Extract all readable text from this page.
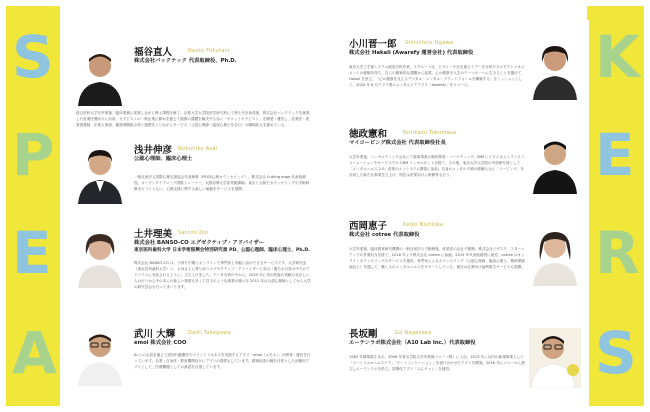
S
P
E
A
福谷直人	Naoto Fukutani
株式会社バックテック 代表取締役、Ph.D.
総合医科大学を卒業後、臨床業務に従事しながら博士課程を修了。京都大学大学院医学研究科にて博士号を取得後、株式会社バックテックを創業した産業医療向けに活用。セラピストの一般企業に勤めを通じて健康の課題を解決する為に「ポケットセラピスト」を開発・運営し、産業医・産業看護師、企業人事部、健康保険組合等と連携をとりながらサービス（公認心理師・臨床心理士を含む）の職域拡大を進めている。
浅井伸彦 Nobuhiko Asai
公認心理師、臨床心理士
一般社団法人国際心理支援協会代表理事（PEGS心理カウンセリング）。株式会社 Cutting edge 代表取締役。オープンダイアローグ国際トレーナー。大阪府堺大学非常勤講師。東京と大阪でカウンセリングや学術研修を行うとともに、心理支援に関する新しい価値をサービスを展開。
土井理美 Satomi Doi
株式会社 BANSO-CO エグゼクティブ・アドバイザー
東京医科歯科大学 日本学術振興会特別研究員 PD、公認心理師、臨床心理士、Ph.D.
株式会社 BANSO-CO は、子育ち中期にオンラインで専門家と気軽に話ができるサービスです。大学研究室（東京医科歯科大学）と、お母さんに寄り添うエグゼクティブ・アドバイザーと気の「過ちが日常の中でのアドバイスに対応されるように」立ち上げました。データ分析の中から、2025 年に英の妊娠の貢献の気がしい人の行いから中の本にの新しい事情も多くて以下のような事業の様々な 2011 年は公認心理師としてから大学の研究学会も行ってまいります。
武川 大輝	Daiki Takegawa
emol 株式会社 COO
AI との会話を通じて認知行動療法やマインドフルネスを実践するアプリ「emol（エモル）」の開発・運営を行っています。企業・自治体・教育機関向けにアプリの提供もしています。精神疾患の職を目的とした治療用アプリとして、医療機器としての承認を目指しています。
K
E
R
S
小川晋一郎 Shinichiro Ogawa
株式会社 Hakali (Awarefy 運営会社) 代表取締役
東京大学工学部システム創成学科卒業。リクルート社、ビズリーチ社を通じてデータ分析やプロダクトマネジメントの経験を持ち、自らの精神的な課題から起業。心の健康を人生のテーマの一つに生きることを掲げて Hakali を設立。「心の健康を支えるデジタル・メンタル・ブラットフォームを構築する」をミッションとして、2020 年 6 月アプリ型のメンタルケアアプリ「Awarefy」をリリース。
徳政憲和	Norikazu Tokumasa
マイコーピング株式会社 代表取締役社長
大学卒業後、コンサルティング会社にて新規事業の制作開発・マーケティング。IBM にてビジネストランスフォーメーションやサービスでの CRM コンサルタントを経て、その後、東京大学大学院の外部研究員として「メンタルヘルス 2.0」産業のエコシステム開発に参加。自身のメンタル不調の経験も元に「コーピング」を活用した新たな事業を立上げ、現在は産業向けに研修等も行う。
西岡恵子	Keiko Nishioka
株式会社 cotree 代表取締役
大学卒業後、臨床教育研究機関の一般社団法人で勤務後、産業医の会社で勤務。株式会社ビザスク、スタートアップの営業担当を経て、2016 年より株式会社 cotree に参画。2019 年代表取締役に就任。cotree はオンラインカウンセリングのサービスを運営。専門家によるカウンセリング（公認心理師、臨床心理士、精神保健福祉士）を通して、働く人のメンタルヘルスをサポートしている。最近は企業向け福利厚生サービスも展開。
長坂剛	Go Nagasaka
エーテンラボ株式会社（A10 Lab Inc.）代表取締役
1982 年静岡県生まれ。2006 年青山学院大学卒業後ソニー（株）に入社。2013 年に社内の新規事業として「ソーシャル×ヘルスケア」「ゲーミフィケーション」を掛け合わせたアプリを開発。2016 年にソニーから独立しエーテンラボを設立。習慣化アプリ「みんチャレ」を運営。
